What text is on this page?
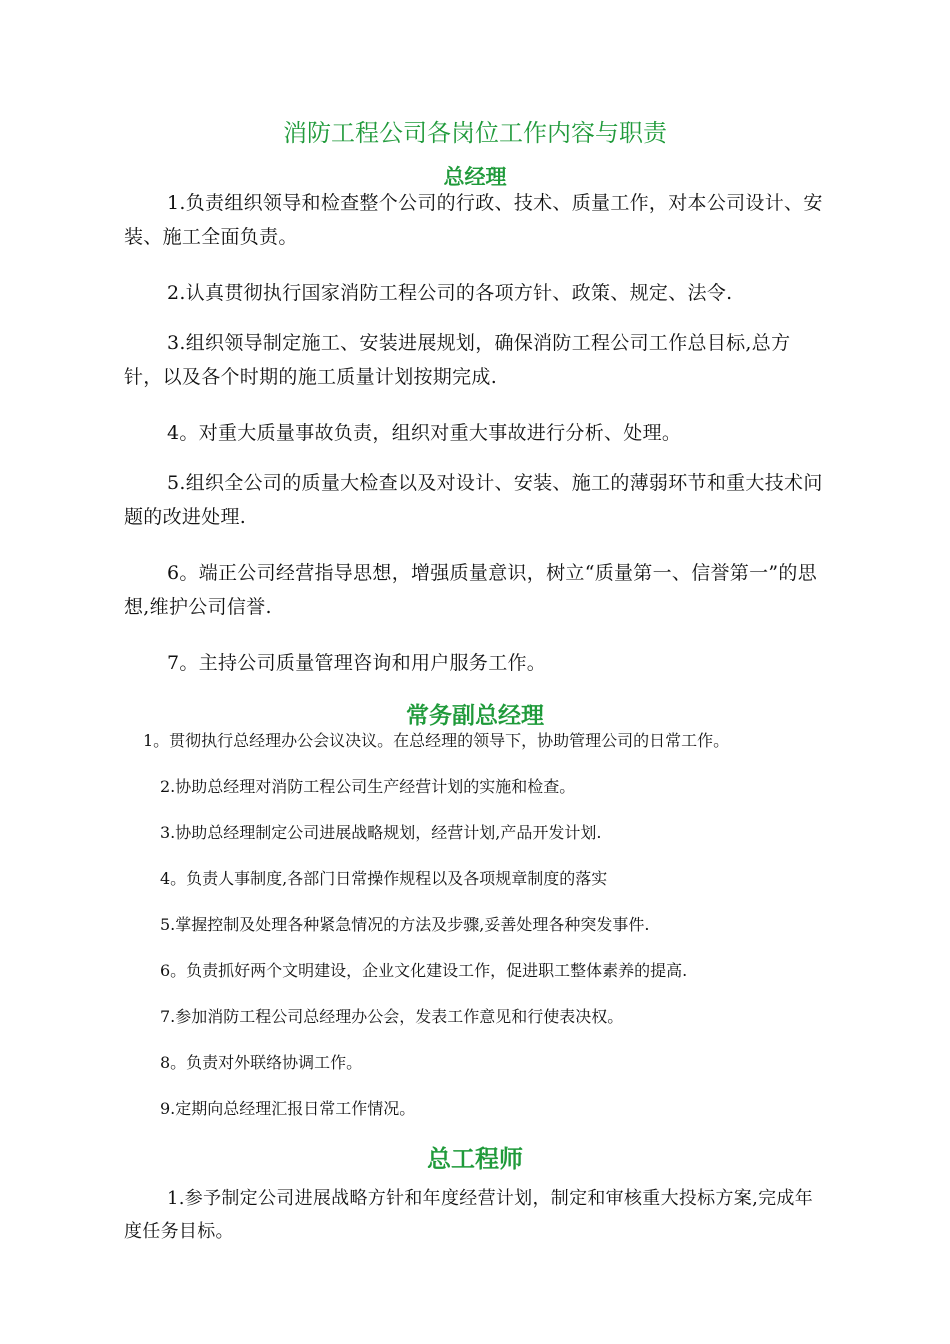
消防工程公司各岗位工作内容与职责
总经理
1.负责组织领导和检查整个公司的行政、技术、质量工作，对本公司设计、安装、施工全面负责。
2.认真贯彻执行国家消防工程公司的各项方针、政策、规定、法令.
3.组织领导制定施工、安装进展规划，确保消防工程公司工作总目标,总方针，以及各个时期的施工质量计划按期完成.
4。对重大质量事故负责，组织对重大事故进行分析、处理。
5.组织全公司的质量大检查以及对设计、安装、施工的薄弱环节和重大技术问题的改进处理.
6。端正公司经营指导思想，增强质量意识，树立“质量第一、信誉第一”的思想,维护公司信誉.
7。主持公司质量管理咨询和用户服务工作。
常务副总经理
1。贯彻执行总经理办公会议决议。在总经理的领导下，协助管理公司的日常工作。
2.协助总经理对消防工程公司生产经营计划的实施和检查。
3.协助总经理制定公司进展战略规划，经营计划,产品开发计划.
4。负责人事制度,各部门日常操作规程以及各项规章制度的落实
5.掌握控制及处理各种紧急情况的方法及步骤,妥善处理各种突发事件.
6。负责抓好两个文明建设，企业文化建设工作，促进职工整体素养的提高.
7.参加消防工程公司总经理办公会，发表工作意见和行使表决权。
8。负责对外联络协调工作。
9.定期向总经理汇报日常工作情况。
总工程师
1.参予制定公司进展战略方针和年度经营计划，制定和审核重大投标方案,完成年度任务目标。
